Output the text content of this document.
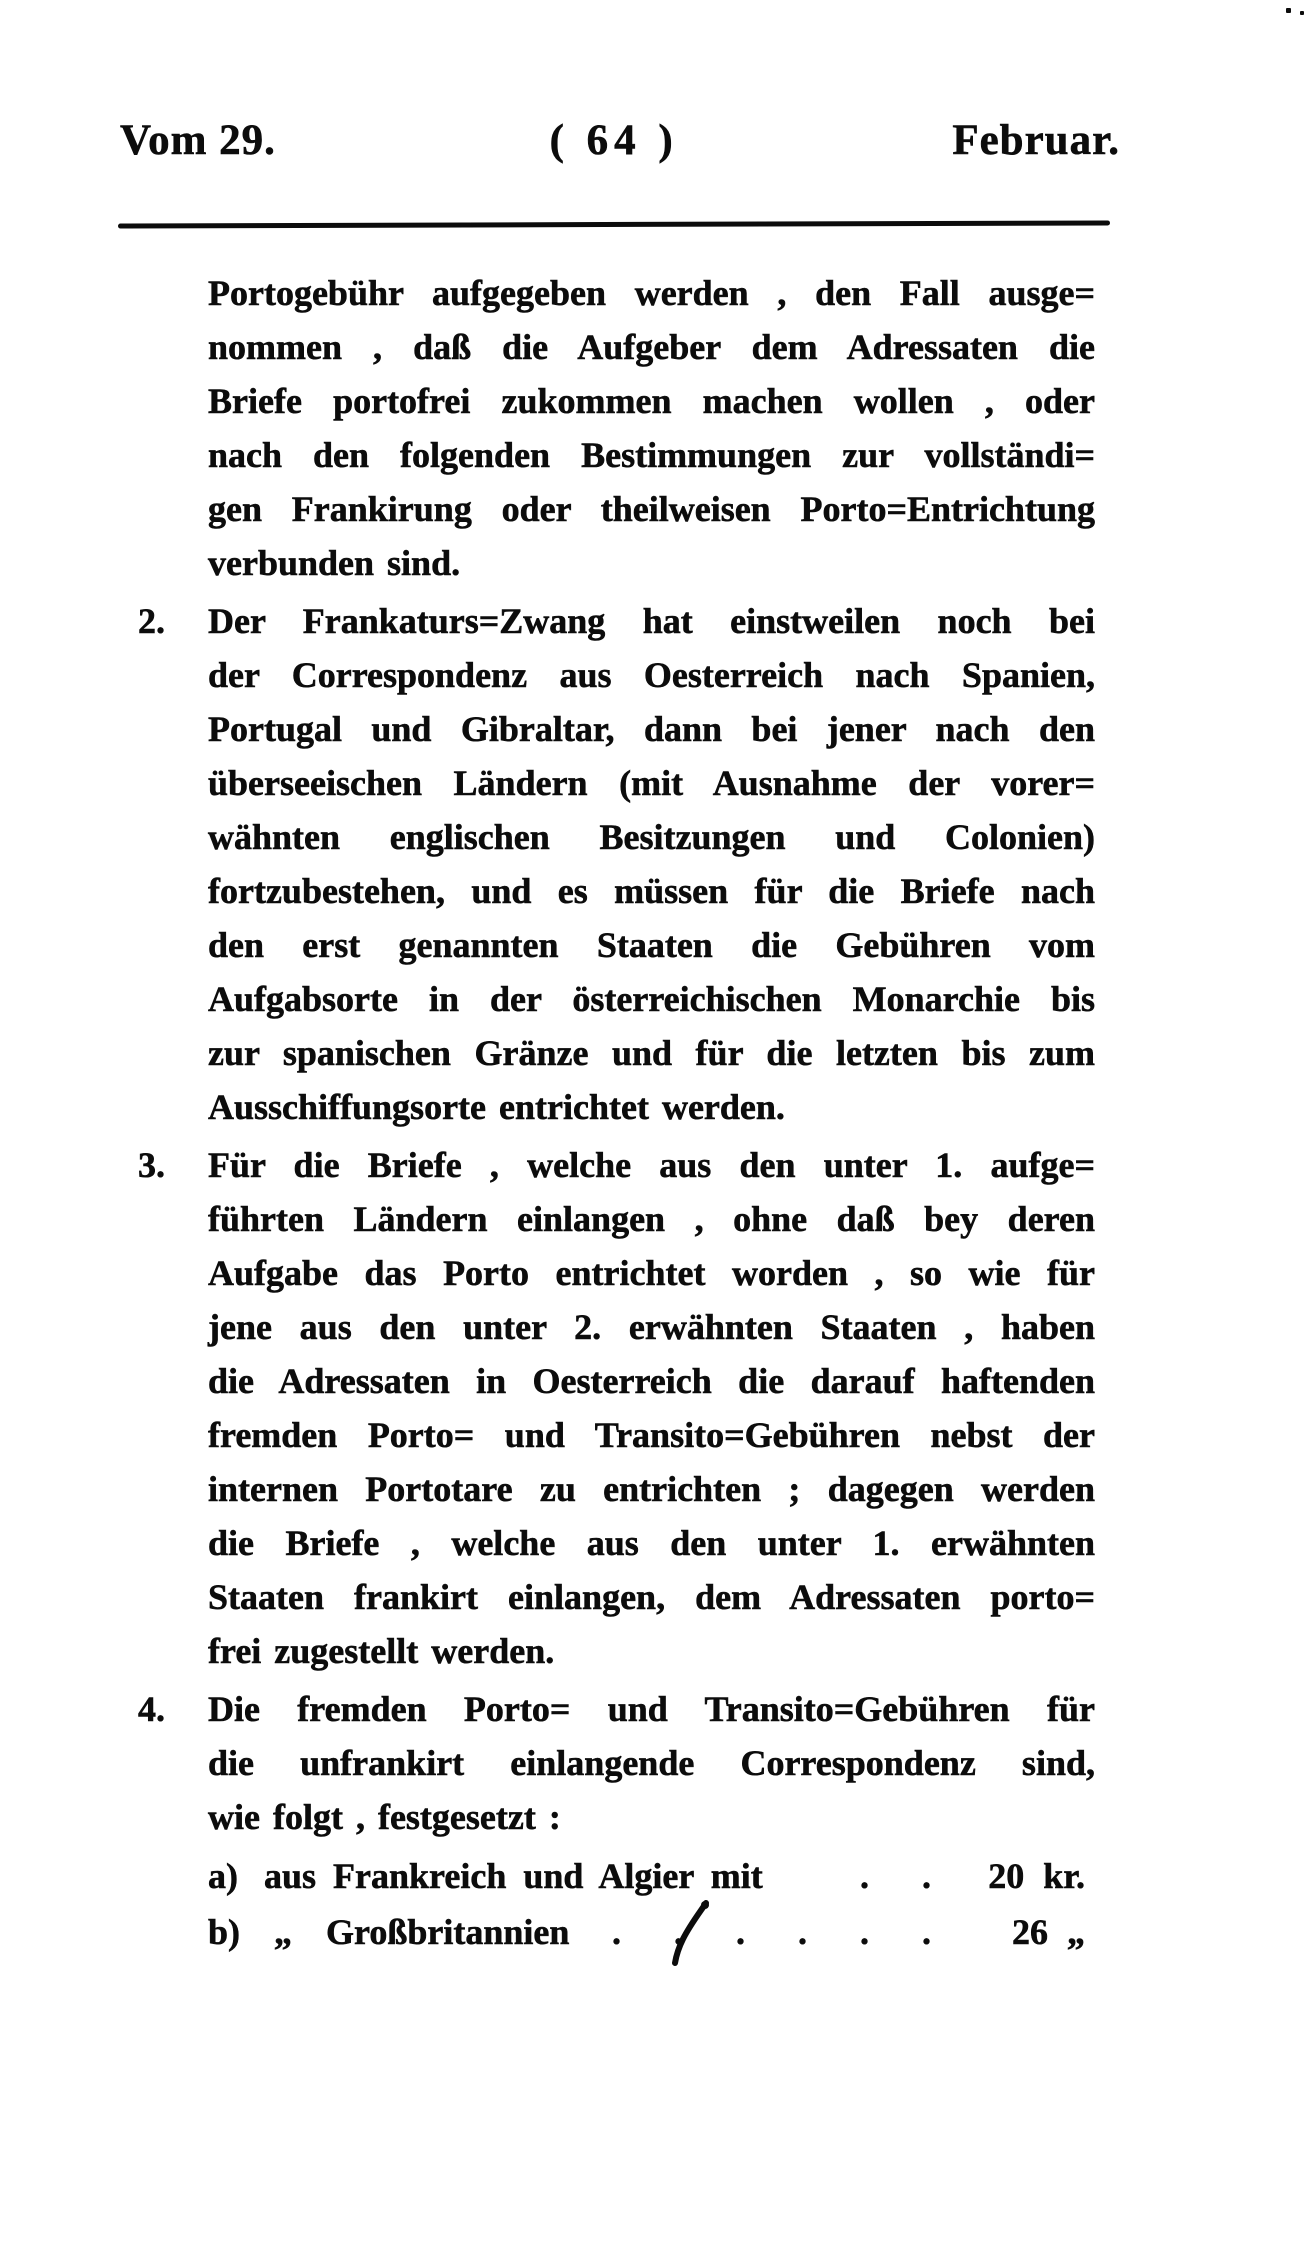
Vom 29.	( 64 )	Februar.
Portogebühr aufgegeben werden , den Fall ausge=
nommen , daß die Aufgeber dem Adressaten die
Briefe portofrei zukommen machen wollen , oder
nach den folgenden Bestimmungen zur vollständi=
gen Frankirung oder theilweisen Porto=Entrichtung
verbunden sind.
2. Der Frankaturs=Zwang hat einstweilen noch bei
der Correspondenz aus Oesterreich nach Spanien,
Portugal und Gibraltar, dann bei jener nach den
überseeischen Ländern (mit Ausnahme der vorer=
wähnten englischen Besitzungen und Colonien)
fortzubestehen, und es müssen für die Briefe nach
den erst genannten Staaten die Gebühren vom
Aufgabsorte in der österreichischen Monarchie bis
zur spanischen Gränze und für die letzten bis zum
Ausschiffungsorte entrichtet werden.
3. Für die Briefe , welche aus den unter 1. aufge=
führten Ländern einlangen , ohne daß bey deren
Aufgabe das Porto entrichtet worden , so wie für
jene aus den unter 2. erwähnten Staaten , haben
die Adressaten in Oesterreich die darauf haftenden
fremden Porto= und Transito=Gebühren nebst der
internen Portotare zu entrichten ; dagegen werden
die Briefe , welche aus den unter 1. erwähnten
Staaten frankirt einlangen, dem Adressaten porto=
frei zugestellt werden.
4. Die fremden Porto= und Transito=Gebühren für
die unfrankirt einlangende Correspondenz sind,
wie folgt , festgesetzt :
a) aus Frankreich und Algier mit	. .	20 kr.
b) „ Großbritannien	. . . . . .	26 „
